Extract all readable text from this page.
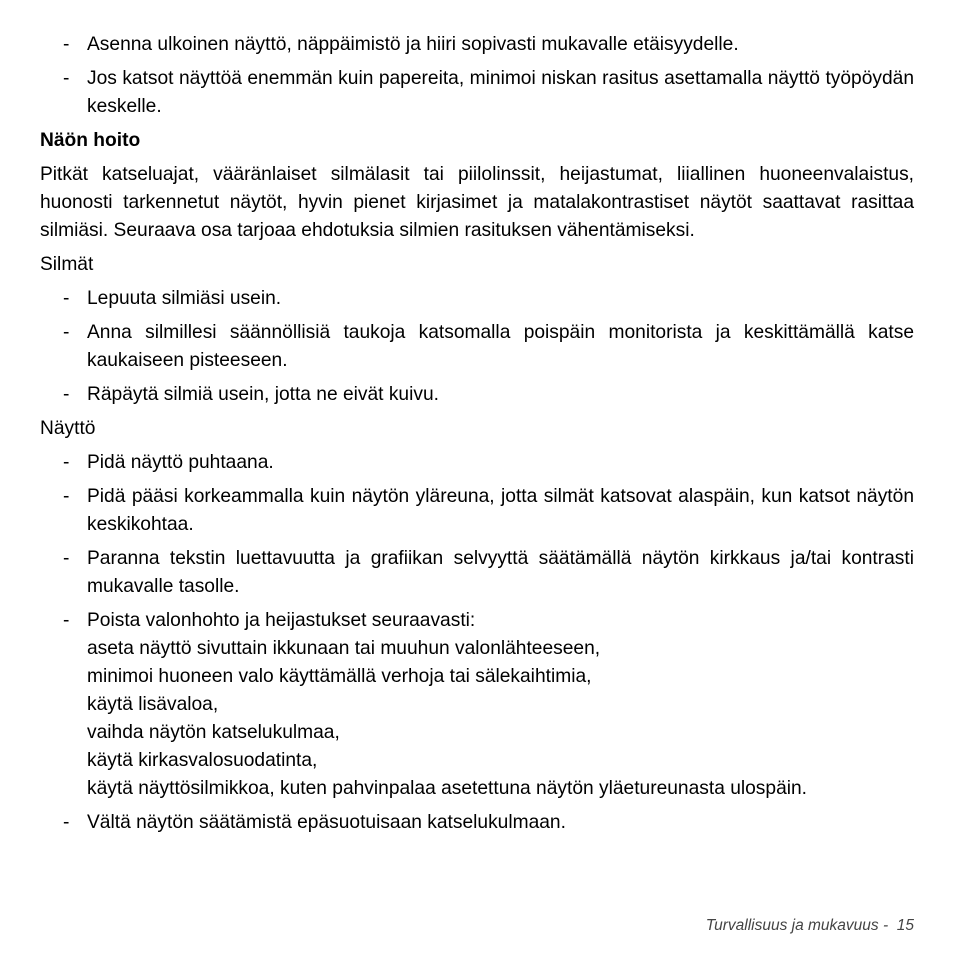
- Asenna ulkoinen näyttö, näppäimistö ja hiiri sopivasti mukavalle etäisyydelle.
- Jos katsot näyttöä enemmän kuin papereita, minimoi niskan rasitus asettamalla näyttö työpöydän keskelle.
Näön hoito
Pitkät katseluajat, vääränlaiset silmälasit tai piilolinssit, heijastumat, liiallinen huoneenvalaistus, huonosti tarkennetut näytöt, hyvin pienet kirjasimet ja matalakontrastiset näytöt saattavat rasittaa silmiäsi. Seuraava osa tarjoaa ehdotuksia silmien rasituksen vähentämiseksi.
Silmät
- Lepuuta silmiäsi usein.
- Anna silmillesi säännöllisiä taukoja katsomalla poispäin monitorista ja keskittämällä katse kaukaiseen pisteeseen.
- Räpäytä silmiä usein, jotta ne eivät kuivu.
Näyttö
- Pidä näyttö puhtaana.
- Pidä pääsi korkeammalla kuin näytön yläreuna, jotta silmät katsovat alaspäin, kun katsot näytön keskikohtaa.
- Paranna tekstin luettavuutta ja grafiikan selvyyttä säätämällä näytön kirkkaus ja/tai kontrasti mukavalle tasolle.
- Poista valonhohto ja heijastukset seuraavasti:
aseta näyttö sivuttain ikkunaan tai muuhun valonlähteeseen,
minimoi huoneen valo käyttämällä verhoja tai sälekaihtimia,
käytä lisävaloa,
vaihda näytön katselukulmaa,
käytä kirkasvalosuodatinta,
käytä näyttösilmikkoa, kuten pahvinpalaa asetettuna näytön yläetureunasta ulospäin.
- Vältä näytön säätämistä epäsuotuisaan katselukulmaan.
Turvallisuus ja mukavuus - 15
